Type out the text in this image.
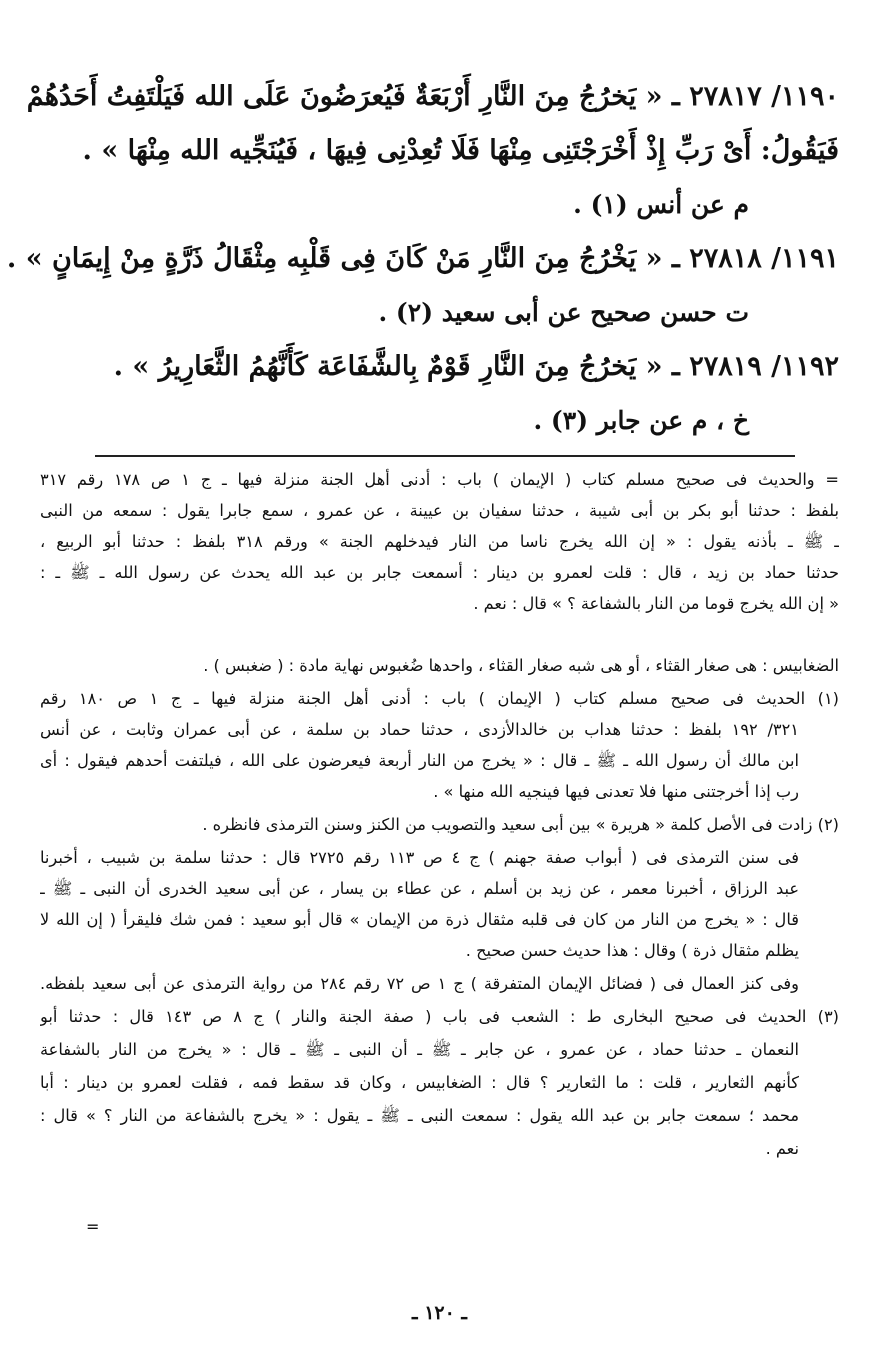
١١٩٠/ ٢٧٨١٧ ـ « يَخرُجُ مِنَ النَّارِ أَرْبَعَةٌ فَيُعرَضُونَ عَلَى الله فَيَلْتَفِتُ أَحَدُهُمْ
فَيَقُولُ: أَىْ رَبِّ إِذْ أَخْرَجْتَنِى مِنْهَا فَلَا تُعِدْنِى فِيهَا ، فَيُنَجِّيه الله مِنْهَا » .
م عن أنس (١) .
١١٩١/ ٢٧٨١٨ ـ « يَخْرُجُ مِنَ النَّارِ مَنْ كَانَ فِى قَلْبِه مِثْقَالُ ذَرَّةٍ مِنْ إِيمَانٍ » .
ت حسن صحيح عن أبى سعيد (٢) .
١١٩٢/ ٢٧٨١٩ ـ « يَخرُجُ مِنَ النَّارِ قَوْمٌ بِالشَّفَاعَة كَأَنَّهُمُ الثَّعَارِيرُ » .
خ ، م عن جابر (٣) .
= والحديث فى صحيح مسلم كتاب ( الإيمان ) باب : أدنى أهل الجنة منزلة فيها ـ ج ١ ص ١٧٨ رقم ٣١٧
بلفظ : حدثنا أبو بكر بن أبى شيبة ، حدثنا سفيان بن عيينة ، عن عمرو ، سمع جابرا يقول : سمعه من النبى
ـ ﷺ ـ بأذنه يقول : « إن الله يخرج ناسا من النار فيدخلهم الجنة » ورقم ٣١٨ بلفظ : حدثنا أبو الربيع ،
حدثنا حماد بن زيد ، قال : قلت لعمرو بن دينار : أسمعت جابر بن عبد الله يحدث عن رسول الله ـ ﷺ ـ :
« إن الله يخرج قوما من النار بالشفاعة ؟ » قال : نعم .
الضغابيس : هى صغار القثاء ، أو هى شبه صغار القثاء ، واحدها ضُغبوس نهاية مادة : ( ضغبس ) .
(١) الحديث فى صحيح مسلم كتاب ( الإيمان ) باب : أدنى أهل الجنة منزلة فيها ـ ج ١ ص ١٨٠ رقم
٣٢١/ ١٩٢ بلفظ : حدثنا هداب بن خالدالأزدى ، حدثنا حماد بن سلمة ، عن أبى عمران وثابت ، عن أنس
ابن مالك أن رسول الله ـ ﷺ ـ قال : « يخرج من النار أربعة فيعرضون على الله ، فيلتفت أحدهم فيقول : أى
رب إذا أخرجتنى منها فلا تعدنى فيها فينجيه الله منها » .
(٢) زادت فى الأصل كلمة « هريرة » بين أبى سعيد والتصويب من الكنز وسنن الترمذى فانظره .
فى سنن الترمذى فى ( أبواب صفة جهنم ) ج ٤ ص ١١٣ رقم ٢٧٢٥ قال : حدثنا سلمة بن شبيب ، أخبرنا
عبد الرزاق ، أخبرنا معمر ، عن زيد بن أسلم ، عن عطاء بن يسار ، عن أبى سعيد الخدرى أن النبى ـ ﷺ ـ
قال : « يخرج من النار من كان فى قلبه مثقال ذرة من الإيمان » قال أبو سعيد : فمن شك فليقرأ ( إن الله لا
يظلم مثقال ذرة ) وقال : هذا حديث حسن صحيح .
وفى كنز العمال فى ( فضائل الإيمان المتفرقة ) ج ١ ص ٧٢ رقم ٢٨٤ من رواية الترمذى عن أبى سعيد بلفظه.
(٣) الحديث فى صحيح البخارى ط : الشعب فى باب ( صفة الجنة والنار ) ج ٨ ص ١٤٣ قال : حدثنا أبو
النعمان ـ حدثنا حماد ، عن عمرو ، عن جابر ـ ﷺ ـ أن النبى ـ ﷺ ـ قال : « يخرج من النار بالشفاعة
كأنهم الثعارير ، قلت : ما الثعارير ؟ قال : الضغابيس ، وكان قد سقط فمه ، فقلت لعمرو بن دينار : أبا
محمد ؛ سمعت جابر بن عبد الله يقول : سمعت النبى ـ ﷺ ـ يقول : « يخرج بالشفاعة من النار ؟ » قال :
نعم .
=
ـ ١٢٠ ـ
